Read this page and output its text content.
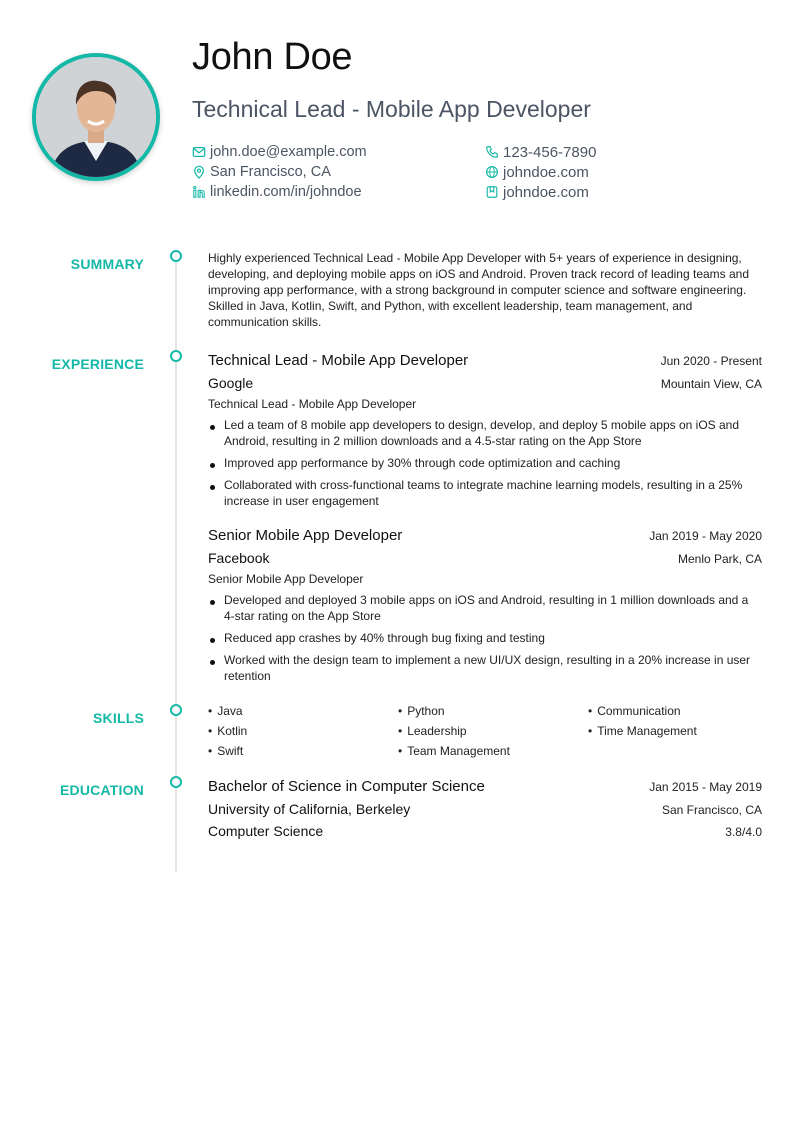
John Doe
Technical Lead - Mobile App Developer
john.doe@example.com
San Francisco, CA
linkedin.com/in/johndoe
123-456-7890
johndoe.com
johndoe.com
SUMMARY	Highly experienced Technical Lead - Mobile App Developer with 5+ years of experience in designing, developing, and deploying mobile apps on iOS and Android. Proven track record of leading teams and improving app performance, with a strong background in computer science and software engineering. Skilled in Java, Kotlin, Swift, and Python, with excellent leadership, team management, and communication skills.
EXPERIENCE	Technical Lead - Mobile App Developer	Jun 2020 - Present
Google	Mountain View, CA
Technical Lead - Mobile App Developer
Led a team of 8 mobile app developers to design, develop, and deploy 5 mobile apps on iOS and Android, resulting in 2 million downloads and a 4.5-star rating on the App Store
Improved app performance by 30% through code optimization and caching
Collaborated with cross-functional teams to integrate machine learning models, resulting in a 25% increase in user engagement
Senior Mobile App Developer	Jan 2019 - May 2020
Facebook	Menlo Park, CA
Senior Mobile App Developer
Developed and deployed 3 mobile apps on iOS and Android, resulting in 1 million downloads and a 4-star rating on the App Store
Reduced app crashes by 40% through bug fixing and testing
Worked with the design team to implement a new UI/UX design, resulting in a 20% increase in user retention
SKILLS	• Java	• Python	• Communication
• Kotlin	• Leadership	• Time Management
• Swift	• Team Management
EDUCATION	Bachelor of Science in Computer Science	Jan 2015 - May 2019
University of California, Berkeley	San Francisco, CA
Computer Science	3.8/4.0
